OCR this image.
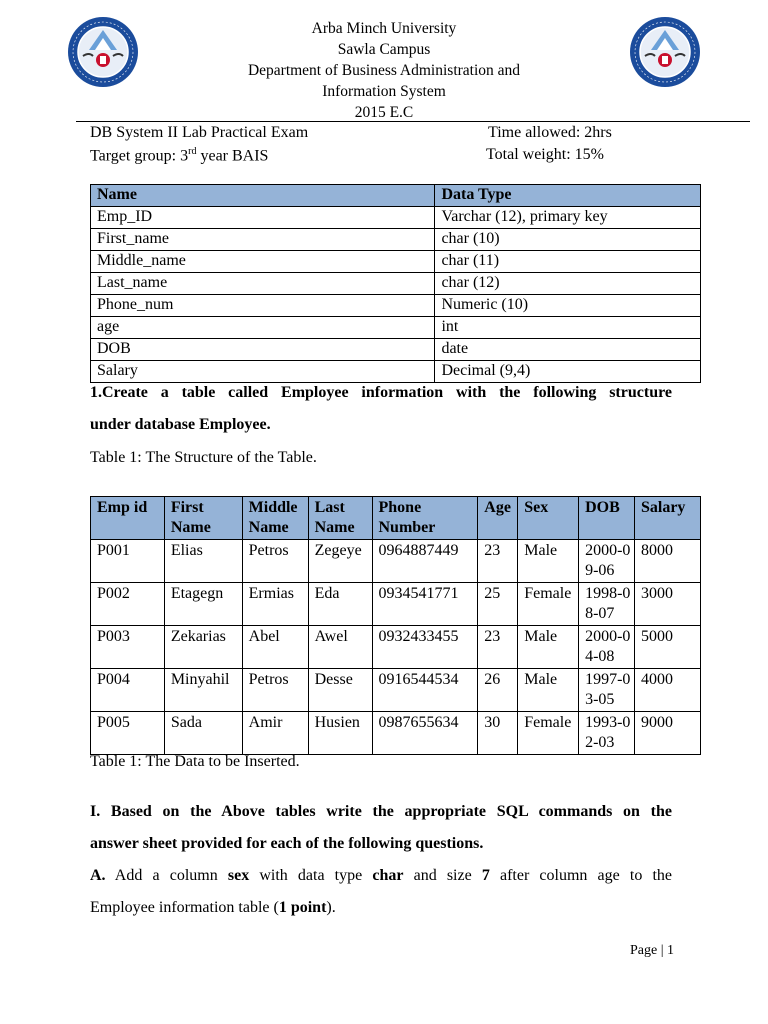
Arba Minch University
Sawla Campus
Department of Business Administration and
Information System
2015 E.C
DB System II Lab Practical Exam	Time allowed: 2hrs
Target group: 3rd year BAIS	Total weight: 15%
Name	Data Type
Emp_ID	Varchar (12), primary key
First_name	char (10)
Middle_name	char (11)
Last_name	char (12)
Phone_num	Numeric (10)
age	int
DOB	date
Salary	Decimal (9,4)
1.Create a table called Employee information with the following structure
under database Employee.
Table 1: The Structure of the Table.
Emp id	First Name	Middle Name	Last Name	Phone Number	Age	Sex	DOB	Salary
P001	Elias	Petros	Zegeye	0964887449	23	Male	2000-09-06	8000
P002	Etagegn	Ermias	Eda	0934541771	25	Female	1998-08-07	3000
P003	Zekarias	Abel	Awel	0932433455	23	Male	2000-04-08	5000
P004	Minyahil	Petros	Desse	0916544534	26	Male	1997-03-05	4000
P005	Sada	Amir	Husien	0987655634	30	Female	1993-02-03	9000
Table 1: The Data to be Inserted.
I. Based on the Above tables write the appropriate SQL commands on the
answer sheet provided for each of the following questions.
A. Add a column sex with data type char and size 7 after column age to the
Employee information table (1 point).
Page | 1
